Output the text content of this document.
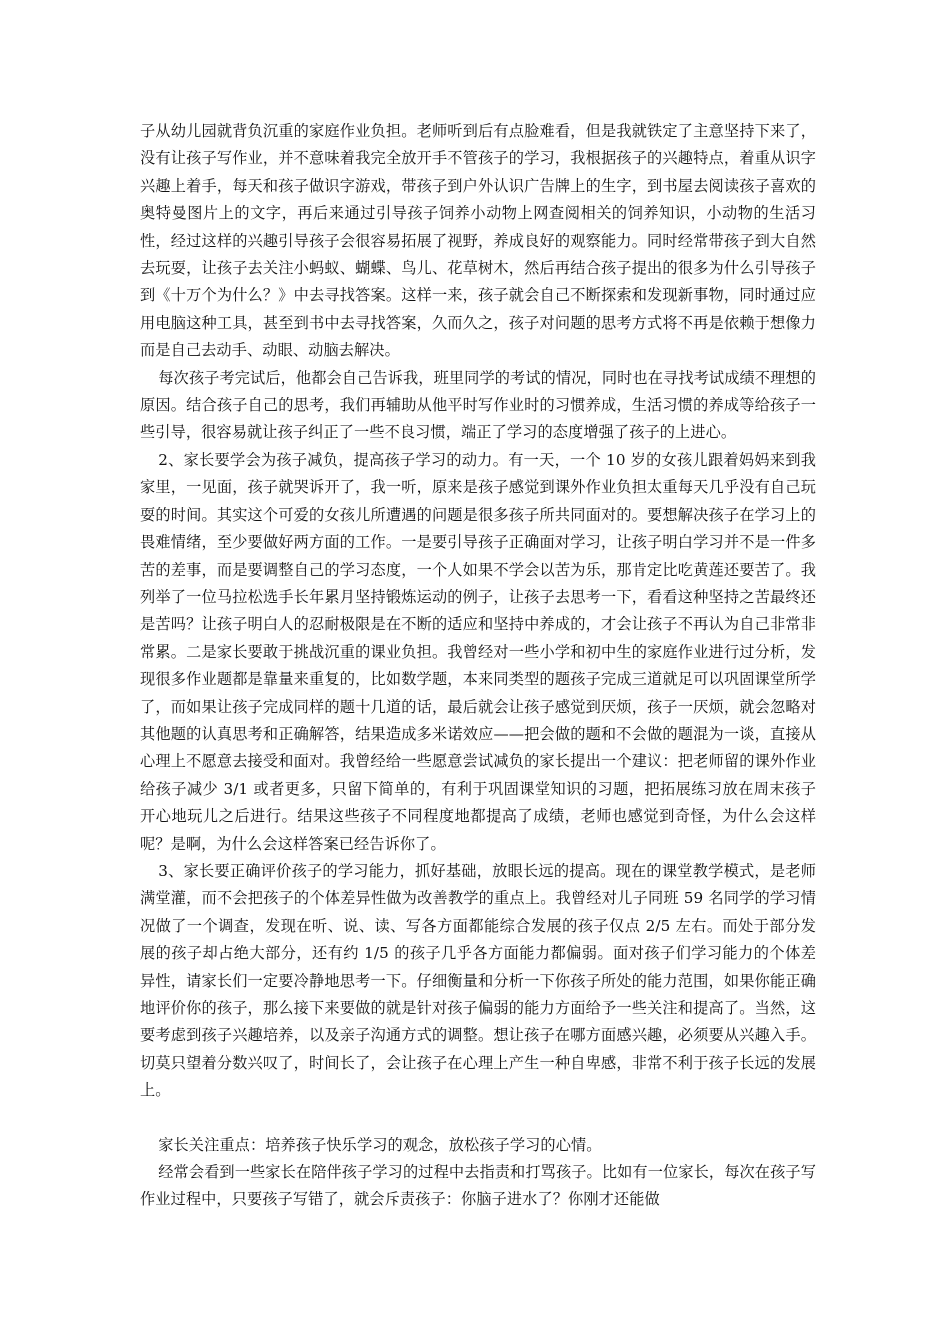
子从幼儿园就背负沉重的家庭作业负担。老师听到后有点脸难看，但是我就铁定了主意坚持下来了，没有让孩子写作业，并不意味着我完全放开手不管孩子的学习，我根据孩子的兴趣特点，着重从识字兴趣上着手，每天和孩子做识字游戏，带孩子到户外认识广告牌上的生字，到书屋去阅读孩子喜欢的奥特曼图片上的文字，再后来通过引导孩子饲养小动物上网查阅相关的饲养知识，小动物的生活习性，经过这样的兴趣引导孩子会很容易拓展了视野，养成良好的观察能力。同时经常带孩子到大自然去玩耍，让孩子去关注小蚂蚁、蝴蝶、鸟儿、花草树木，然后再结合孩子提出的很多为什么引导孩子到《十万个为什么？》中去寻找答案。这样一来，孩子就会自己不断探索和发现新事物，同时通过应用电脑这种工具，甚至到书中去寻找答案，久而久之，孩子对问题的思考方式将不再是依赖于想像力而是自己去动手、动眼、动脑去解决。

每次孩子考完试后，他都会自己告诉我，班里同学的考试的情况，同时也在寻找考试成绩不理想的原因。结合孩子自己的思考，我们再辅助从他平时写作业时的习惯养成，生活习惯的养成等给孩子一些引导，很容易就让孩子纠正了一些不良习惯，端正了学习的态度增强了孩子的上进心。

2、家长要学会为孩子减负，提高孩子学习的动力。有一天，一个 10 岁的女孩儿跟着妈妈来到我家里，一见面，孩子就哭诉开了，我一听，原来是孩子感觉到课外作业负担太重每天几乎没有自己玩耍的时间。其实这个可爱的女孩儿所遭遇的问题是很多孩子所共同面对的。要想解决孩子在学习上的畏难情绪，至少要做好两方面的工作。一是要引导孩子正确面对学习，让孩子明白学习并不是一件多苦的差事，而是要调整自己的学习态度，一个人如果不学会以苦为乐，那肯定比吃黄莲还要苦了。我列举了一位马拉松选手长年累月坚持锻炼运动的例子，让孩子去思考一下，看看这种坚持之苦最终还是苦吗？让孩子明白人的忍耐极限是在不断的适应和坚持中养成的，才会让孩子不再认为自己非常非常累。二是家长要敢于挑战沉重的课业负担。我曾经对一些小学和初中生的家庭作业进行过分析，发现很多作业题都是靠量来重复的，比如数学题，本来同类型的题孩子完成三道就足可以巩固课堂所学了，而如果让孩子完成同样的题十几道的话，最后就会让孩子感觉到厌烦，孩子一厌烦，就会忽略对其他题的认真思考和正确解答，结果造成多米诺效应——把会做的题和不会做的题混为一谈，直接从心理上不愿意去接受和面对。我曾经给一些愿意尝试减负的家长提出一个建议：把老师留的课外作业给孩子减少 3/1 或者更多，只留下简单的，有利于巩固课堂知识的习题，把拓展练习放在周末孩子开心地玩儿之后进行。结果这些孩子不同程度地都提高了成绩，老师也感觉到奇怪，为什么会这样呢？是啊，为什么会这样答案已经告诉你了。

3、家长要正确评价孩子的学习能力，抓好基础，放眼长远的提高。现在的课堂教学模式，是老师满堂灌，而不会把孩子的个体差异性做为改善教学的重点上。我曾经对儿子同班 59 名同学的学习情况做了一个调查，发现在听、说、读、写各方面都能综合发展的孩子仅点 2/5 左右。而处于部分发展的孩子却占绝大部分，还有约 1/5 的孩子几乎各方面能力都偏弱。面对孩子们学习能力的个体差异性，请家长们一定要冷静地思考一下。仔细衡量和分析一下你孩子所处的能力范围，如果你能正确地评价你的孩子，那么接下来要做的就是针对孩子偏弱的能力方面给予一些关注和提高了。当然，这要考虑到孩子兴趣培养，以及亲子沟通方式的调整。想让孩子在哪方面感兴趣，必须要从兴趣入手。切莫只望着分数兴叹了，时间长了，会让孩子在心理上产生一种自卑感，非常不利于孩子长远的发展上。

家长关注重点：培养孩子快乐学习的观念，放松孩子学习的心情。

经常会看到一些家长在陪伴孩子学习的过程中去指责和打骂孩子。比如有一位家长，每次在孩子写作业过程中，只要孩子写错了，就会斥责孩子：你脑子进水了？你刚才还能做
